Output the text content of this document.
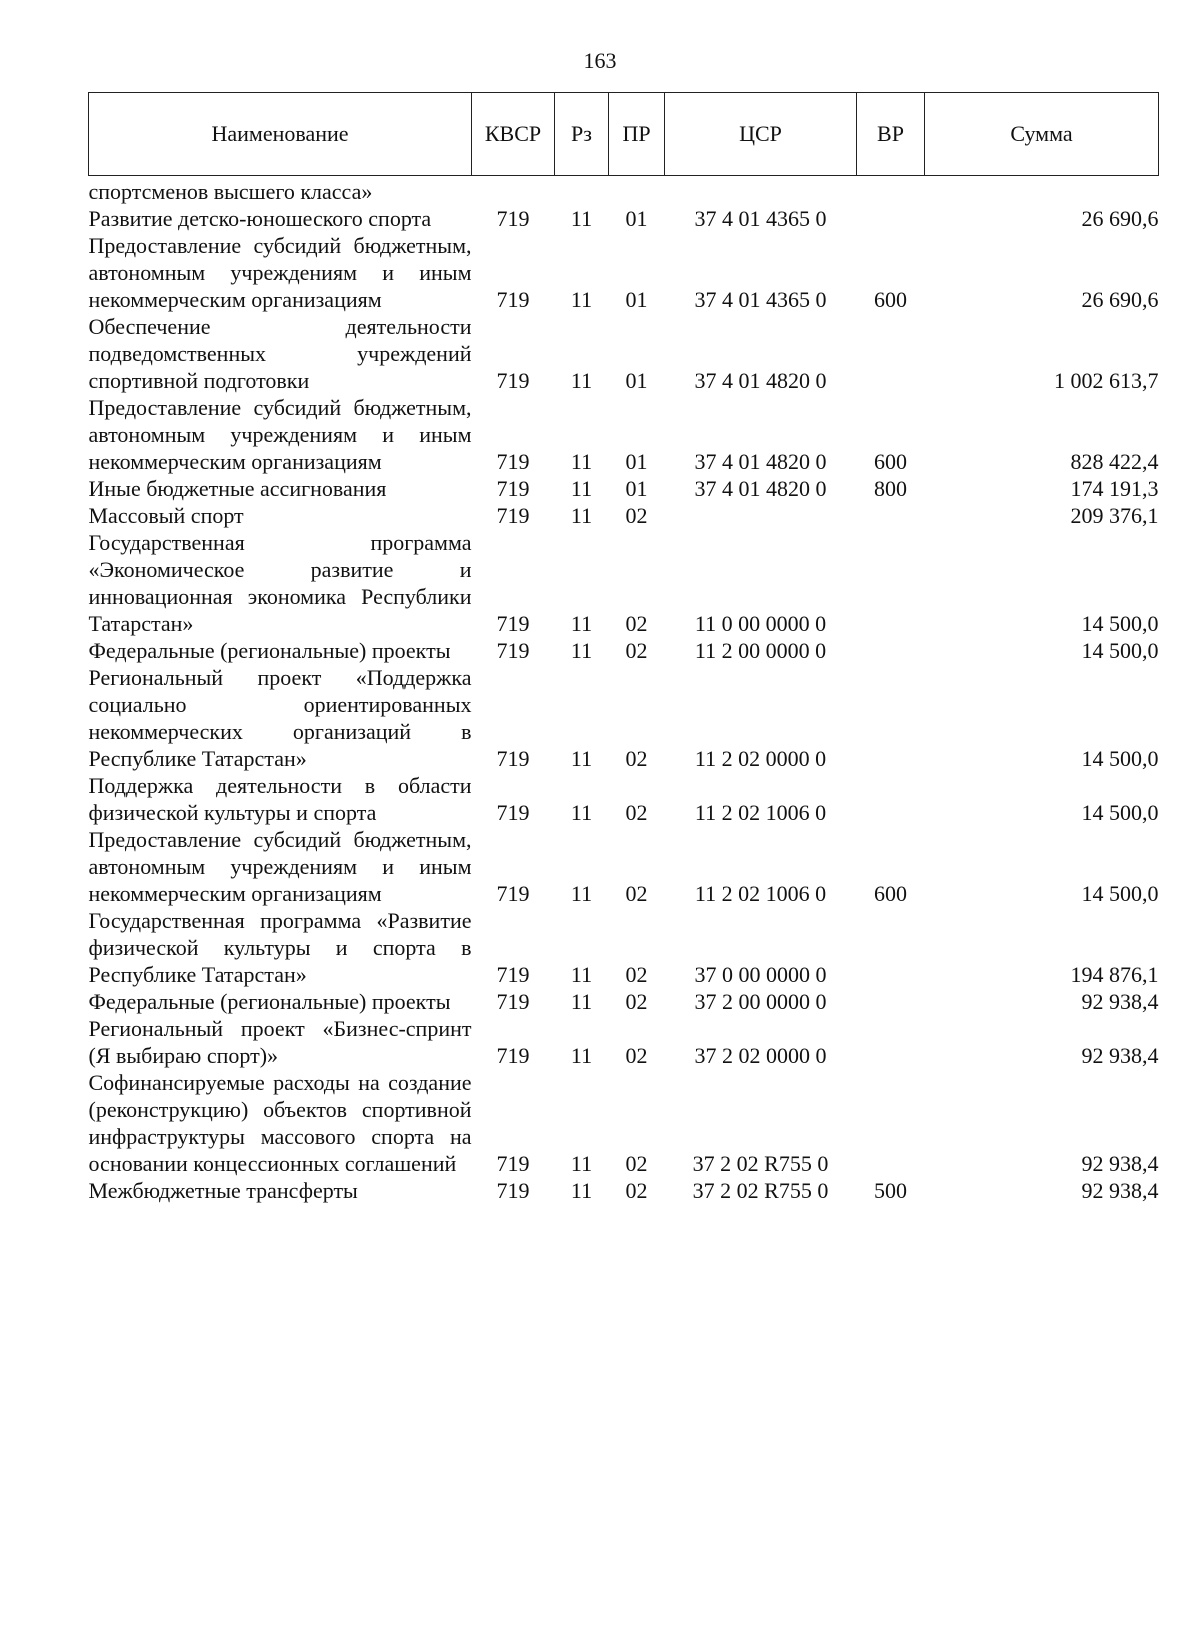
163
Наименование	КВСР	Рз	ПР	ЦСР	ВР	Сумма
спортсменов высшего класса»						
Развитие детско-юношеского спорта	719	11	01	37 4 01 4365 0		26 690,6
Предоставление субсидий бюджетным, автономным учреждениям и иным некоммерческим организациям	719	11	01	37 4 01 4365 0	600	26 690,6
Обеспечение деятельности подведомственных учреждений спортивной подготовки	719	11	01	37 4 01 4820 0		1 002 613,7
Предоставление субсидий бюджетным, автономным учреждениям и иным некоммерческим организациям	719	11	01	37 4 01 4820 0	600	828 422,4
Иные бюджетные ассигнования	719	11	01	37 4 01 4820 0	800	174 191,3
Массовый спорт	719	11	02			209 376,1
Государственная программа «Экономическое развитие и инновационная экономика Республики Татарстан»	719	11	02	11 0 00 0000 0		14 500,0
Федеральные (региональные) проекты	719	11	02	11 2 00 0000 0		14 500,0
Региональный проект «Поддержка социально ориентированных некоммерческих организаций в Республике Татарстан»	719	11	02	11 2 02 0000 0		14 500,0
Поддержка деятельности в области физической культуры и спорта	719	11	02	11 2 02 1006 0		14 500,0
Предоставление субсидий бюджетным, автономным учреждениям и иным некоммерческим организациям	719	11	02	11 2 02 1006 0	600	14 500,0
Государственная программа «Развитие физической культуры и спорта в Республике Татарстан»	719	11	02	37 0 00 0000 0		194 876,1
Федеральные (региональные) проекты	719	11	02	37 2 00 0000 0		92 938,4
Региональный проект «Бизнес-спринт (Я выбираю спорт)»	719	11	02	37 2 02 0000 0		92 938,4
Софинансируемые расходы на создание (реконструкцию) объектов спортивной инфраструктуры массового спорта на основании концессионных соглашений	719	11	02	37 2 02 R755 0		92 938,4
Межбюджетные трансферты	719	11	02	37 2 02 R755 0	500	92 938,4
